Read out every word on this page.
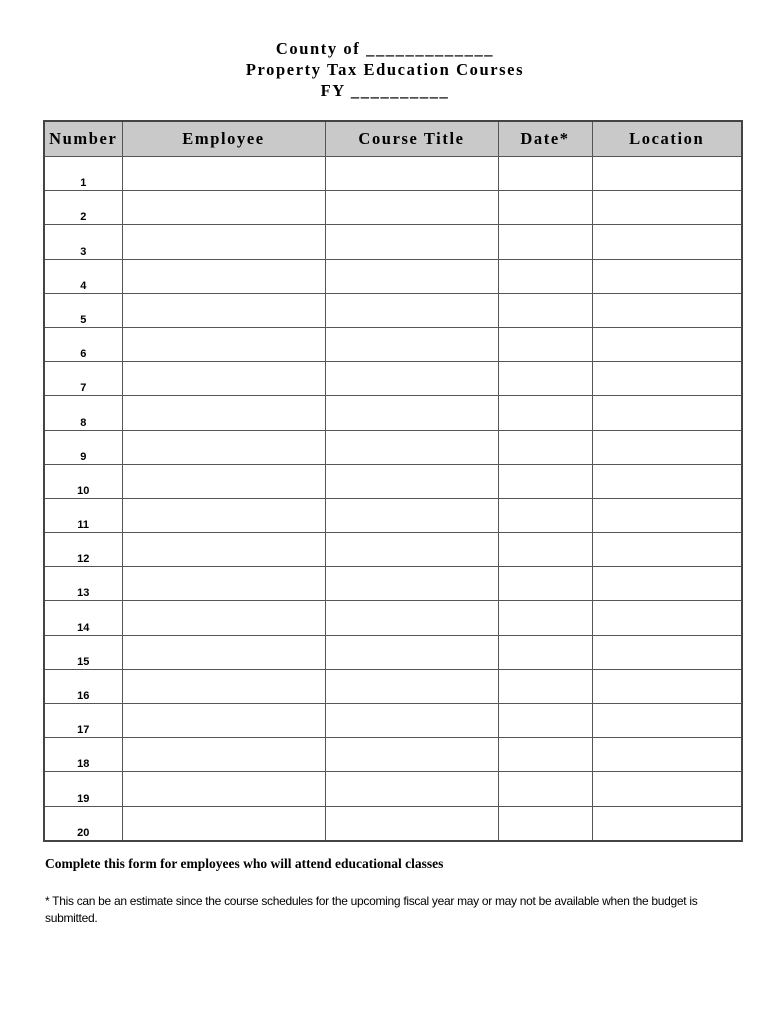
County of _____________
Property Tax Education Courses
FY __________
Number	Employee	Course Title	Date*	Location
1				
2				
3				
4				
5				
6				
7				
8				
9				
10				
11				
12				
13				
14				
15				
16				
17				
18				
19				
20				
Complete this form for employees who will attend educational classes
* This can be an estimate since the course schedules for the upcoming fiscal year may or may not be available when the budget is submitted.
